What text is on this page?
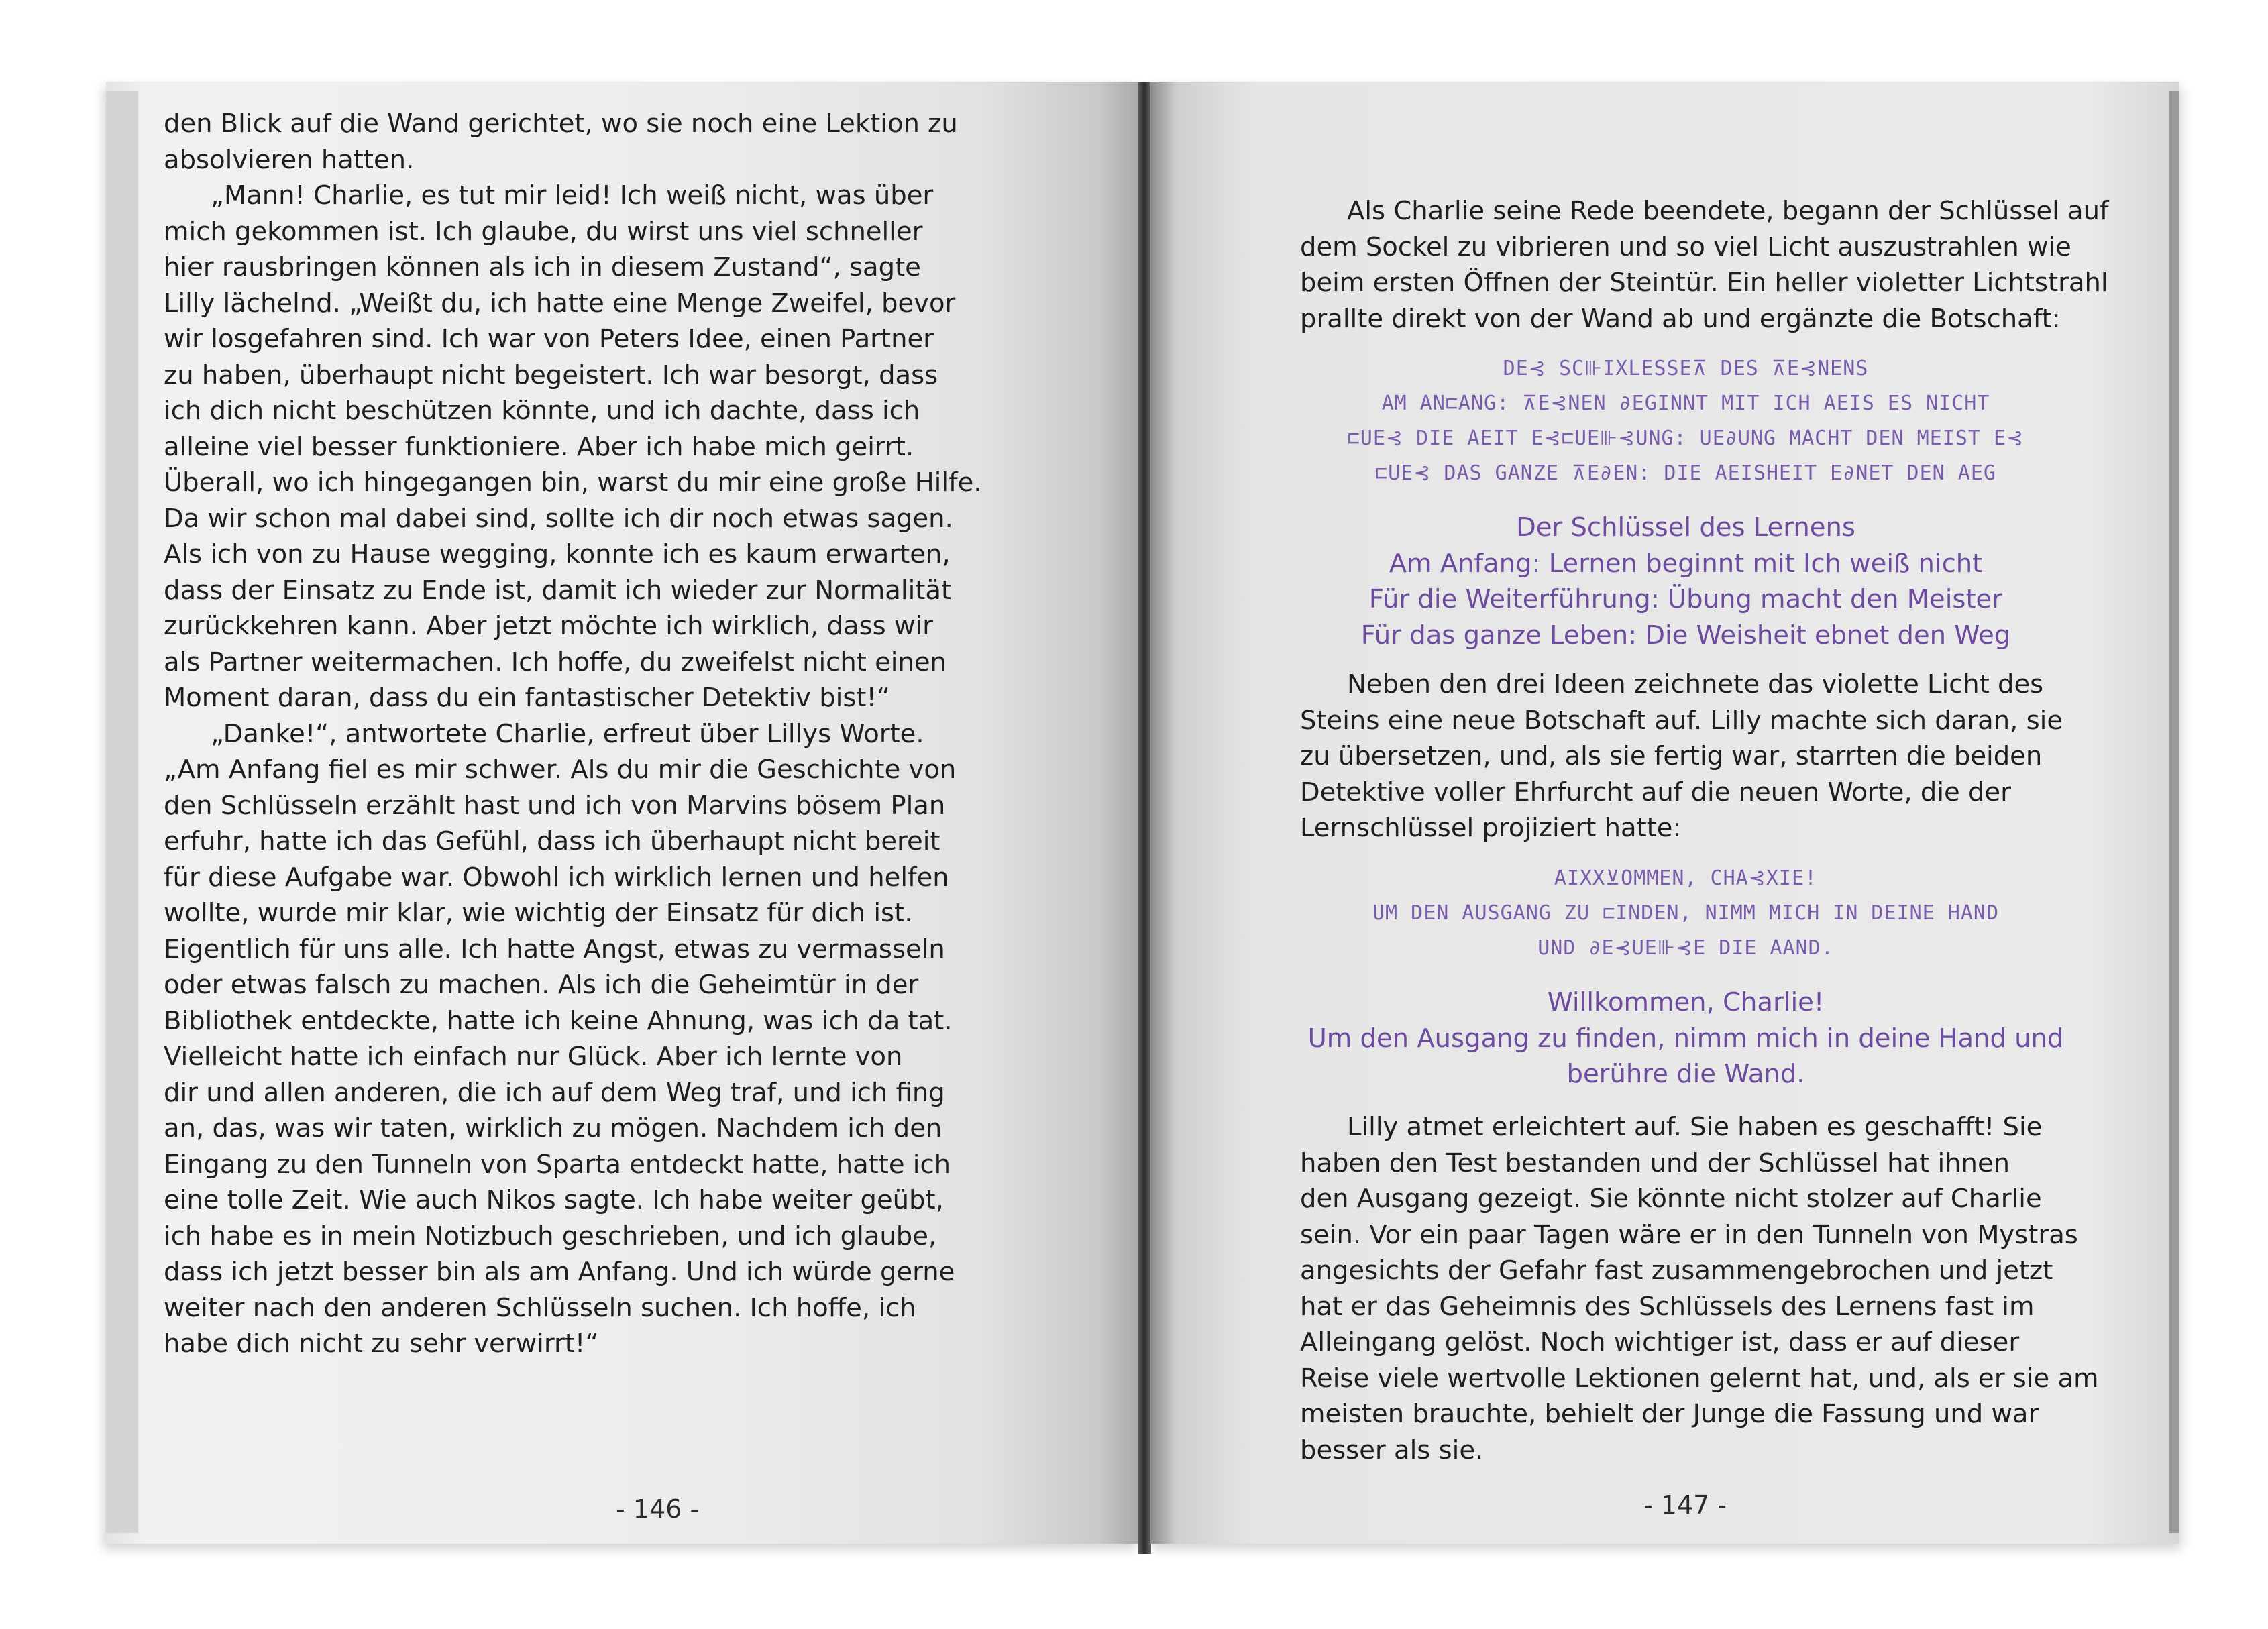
den Blick auf die Wand gerichtet, wo sie noch eine Lektion zu
absolvieren hatten.
„Mann! Charlie, es tut mir leid! Ich weiß nicht, was über
mich gekommen ist. Ich glaube, du wirst uns viel schneller
hier rausbringen können als ich in diesem Zustand“, sagte
Lilly lächelnd. „Weißt du, ich hatte eine Menge Zweifel, bevor
wir losgefahren sind. Ich war von Peters Idee, einen Partner
zu haben, überhaupt nicht begeistert. Ich war besorgt, dass
ich dich nicht beschützen könnte, und ich dachte, dass ich
alleine viel besser funktioniere. Aber ich habe mich geirrt.
Überall, wo ich hingegangen bin, warst du mir eine große Hilfe.
Da wir schon mal dabei sind, sollte ich dir noch etwas sagen.
Als ich von zu Hause wegging, konnte ich es kaum erwarten,
dass der Einsatz zu Ende ist, damit ich wieder zur Normalität
zurückkehren kann. Aber jetzt möchte ich wirklich, dass wir
als Partner weitermachen. Ich hoffe, du zweifelst nicht einen
Moment daran, dass du ein fantastischer Detektiv bist!“
„Danke!“, antwortete Charlie, erfreut über Lillys Worte.
„Am Anfang fiel es mir schwer. Als du mir die Geschichte von
den Schlüsseln erzählt hast und ich von Marvins bösem Plan
erfuhr, hatte ich das Gefühl, dass ich überhaupt nicht bereit
für diese Aufgabe war. Obwohl ich wirklich lernen und helfen
wollte, wurde mir klar, wie wichtig der Einsatz für dich ist.
Eigentlich für uns alle. Ich hatte Angst, etwas zu vermasseln
oder etwas falsch zu machen. Als ich die Geheimtür in der
Bibliothek entdeckte, hatte ich keine Ahnung, was ich da tat.
Vielleicht hatte ich einfach nur Glück. Aber ich lernte von
dir und allen anderen, die ich auf dem Weg traf, und ich fing
an, das, was wir taten, wirklich zu mögen. Nachdem ich den
Eingang zu den Tunneln von Sparta entdeckt hatte, hatte ich
eine tolle Zeit. Wie auch Nikos sagte. Ich habe weiter geübt,
ich habe es in mein Notizbuch geschrieben, und ich glaube,
dass ich jetzt besser bin als am Anfang. Und ich würde gerne
weiter nach den anderen Schlüsseln suchen. Ich hoffe, ich
habe dich nicht zu sehr verwirrt!“
- 146 -
Als Charlie seine Rede beendete, begann der Schlüssel auf
dem Sockel zu vibrieren und so viel Licht auszustrahlen wie
beim ersten Öffnen der Steintür. Ein heller violetter Lichtstrahl
prallte direkt von der Wand ab und ergänzte die Botschaft:
DE⊰ SC⊪IXLESSE⊼ DES ⊼E⊰NENS
AM AN⊏ANG: ⊼E⊰NEN ∂EGINNT MIT ICH AEIS ES NICHT
⊏UE⊰ DIE AEIT E⊰⊏UE⊪⊰UNG: UE∂UNG MACHT DEN MEIST E⊰
⊏UE⊰ DAS GANZE ⊼E∂EN: DIE AEISHEIT E∂NET DEN AEG
Der Schlüssel des Lernens
Am Anfang: Lernen beginnt mit Ich weiß nicht
Für die Weiterführung: Übung macht den Meister
Für das ganze Leben: Die Weisheit ebnet den Weg
Neben den drei Ideen zeichnete das violette Licht des
Steins eine neue Botschaft auf. Lilly machte sich daran, sie
zu übersetzen, und, als sie fertig war, starrten die beiden
Detektive voller Ehrfurcht auf die neuen Worte, die der
Lernschlüssel projiziert hatte:
AIXX⊻OMMEN, CHA⊰XIE!
UM DEN AUSGANG ZU ⊏INDEN, NIMM MICH IN DEINE HAND
UND ∂E⊰UE⊪⊰E DIE AAND.
Willkommen, Charlie!
Um den Ausgang zu finden, nimm mich in deine Hand und
berühre die Wand.
Lilly atmet erleichtert auf. Sie haben es geschafft! Sie
haben den Test bestanden und der Schlüssel hat ihnen
den Ausgang gezeigt. Sie könnte nicht stolzer auf Charlie
sein. Vor ein paar Tagen wäre er in den Tunneln von Mystras
angesichts der Gefahr fast zusammengebrochen und jetzt
hat er das Geheimnis des Schlüssels des Lernens fast im
Alleingang gelöst. Noch wichtiger ist, dass er auf dieser
Reise viele wertvolle Lektionen gelernt hat, und, als er sie am
meisten brauchte, behielt der Junge die Fassung und war
besser als sie.
- 147 -
